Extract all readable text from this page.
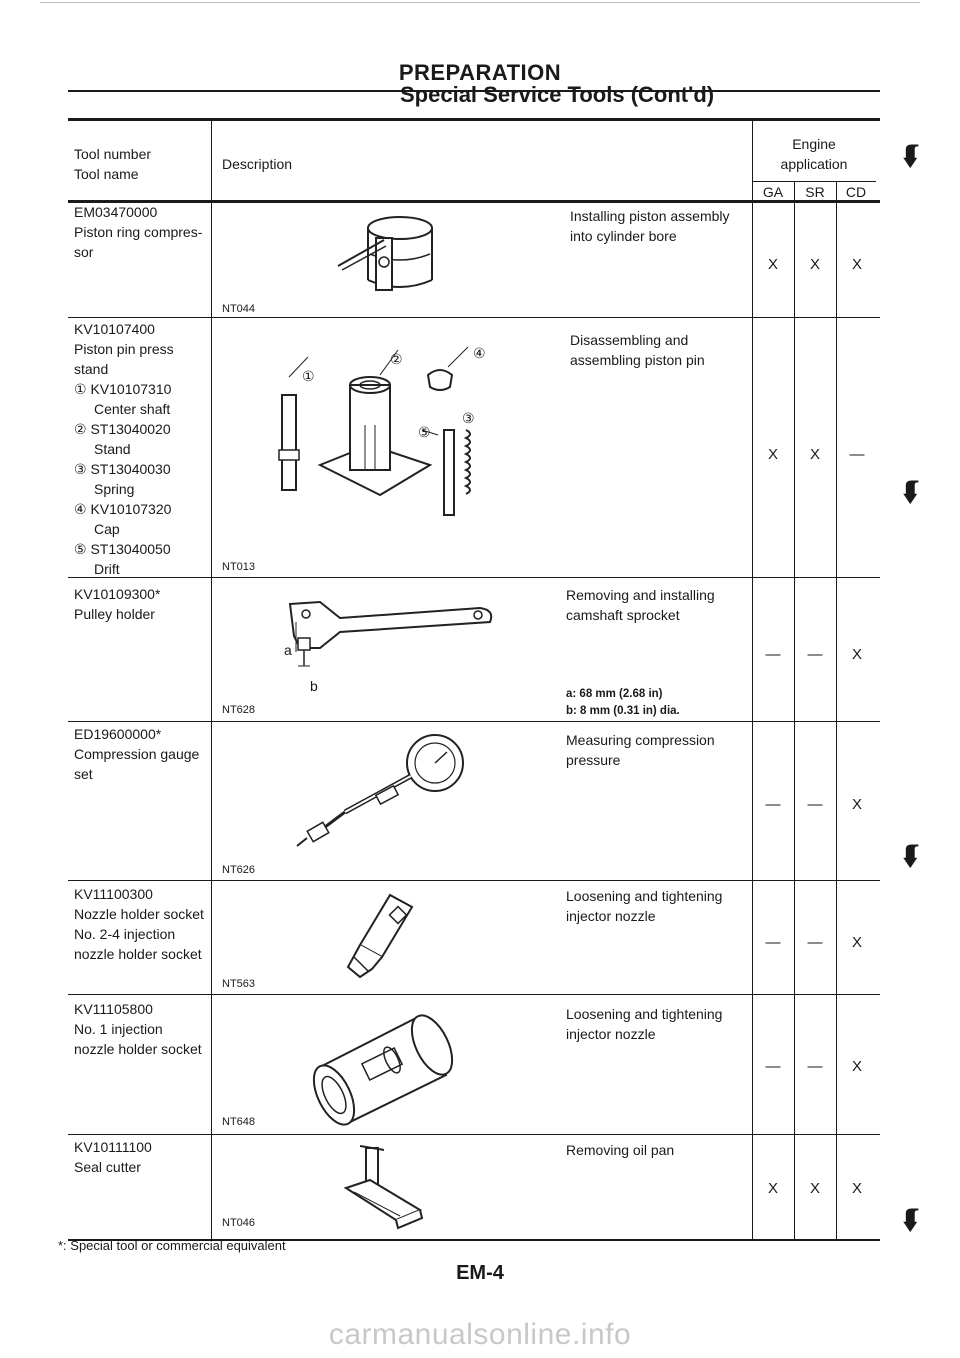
PREPARATION
Special Service Tools (Cont'd)
⮮
Tool number
Tool name
Description
Engine
application
GA	SR	CD
EM03470000
Piston ring compres-
sor
NT044
Installing piston assembly
into cylinder bore
X	X	X
KV10107400
Piston pin press
stand
① KV10107310
Center shaft
② ST13040020
Stand
③ ST13040030
Spring
④ KV10107320
Cap
⑤ ST13040050
Drift
①
②
③
④
⑤
NT013
Disassembling and
assembling piston pin
X	X	—
⮮
KV10109300*
Pulley holder
a
b
NT628
Removing and installing
camshaft sprocket
a: 68 mm (2.68 in)
b: 8 mm (0.31 in) dia.
—	—	X
ED19600000*
Compression gauge
set
NT626
Measuring compression
pressure
—	—	X
⮮
KV11100300
Nozzle holder socket
No. 2-4 injection
nozzle holder socket
NT563
Loosening and tightening
injector nozzle
—	—	X
KV11105800
No. 1 injection
nozzle holder socket
NT648
Loosening and tightening
injector nozzle
—	—	X
KV10111100
Seal cutter
NT046
Removing oil pan
X	X	X
⮮
*: Special tool or commercial equivalent
EM-4
carmanualsonline.info
